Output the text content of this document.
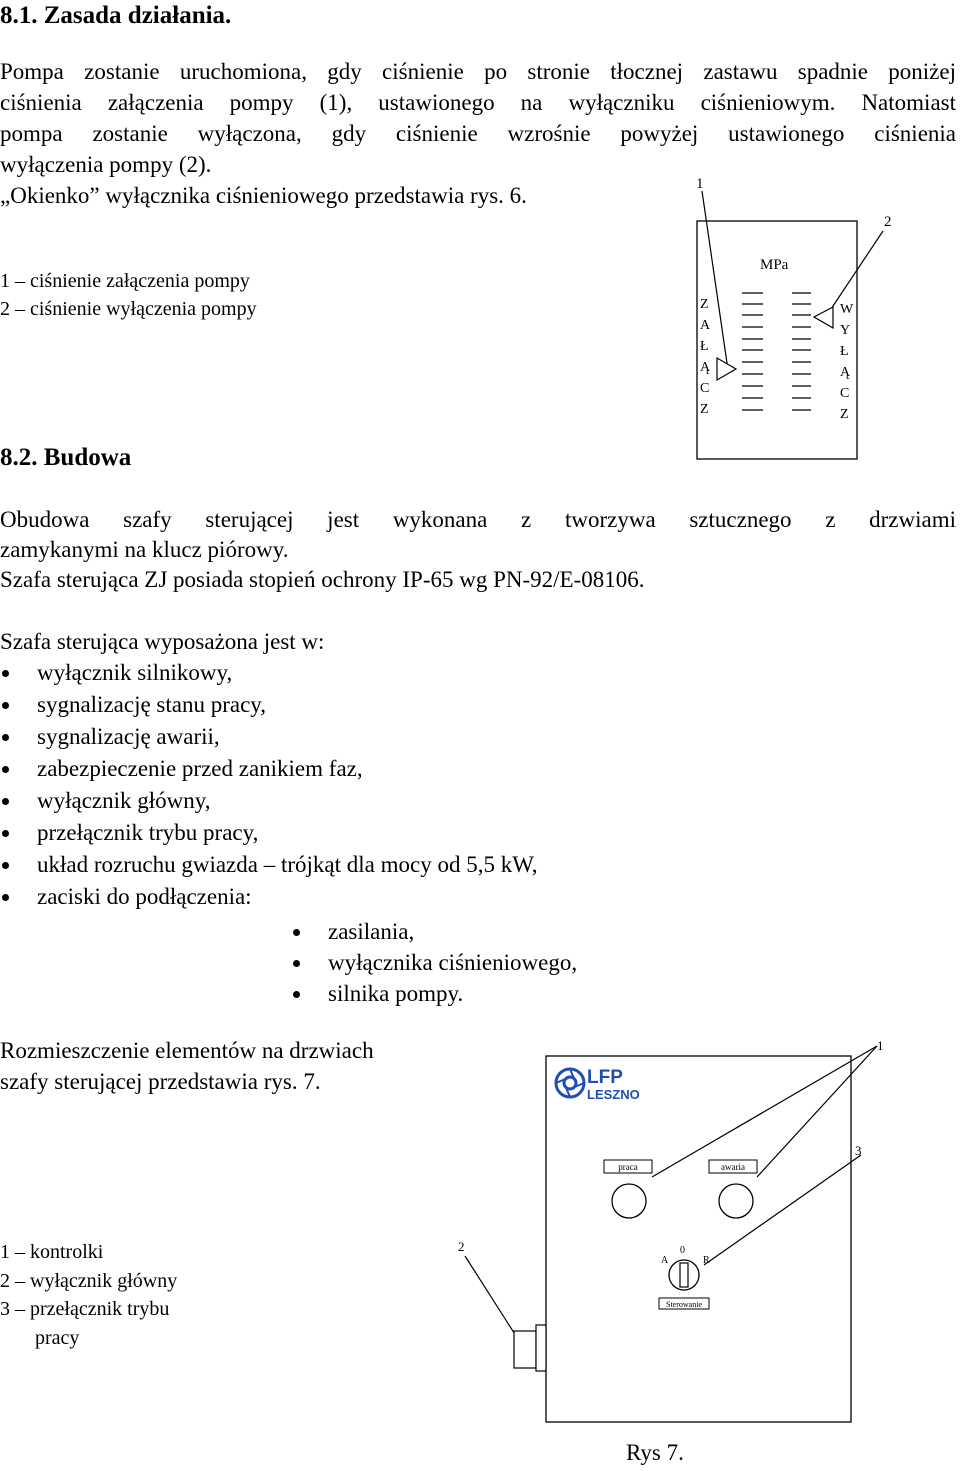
8.1. Zasada działania.
Pompa zostanie uruchomiona, gdy ciśnienie po stronie tłocznej zastawu spadnie poniżej
ciśnienia załączenia pompy (1), ustawionego na wyłączniku ciśnieniowym. Natomiast
pompa zostanie wyłączona, gdy ciśnienie wzrośnie powyżej ustawionego ciśnienia
wyłączenia pompy (2).
„Okienko” wyłącznika ciśnieniowego przedstawia rys. 6.
1 – ciśnienie załączenia pompy
2 – ciśnienie wyłączenia pompy
1
2
MPa
Z
A
Ł
Ą
C
Z
W
Y
Ł
Ą
C
Z
8.2. Budowa
Obudowa szafy sterującej jest wykonana z tworzywa sztucznego z drzwiami
zamykanymi na klucz piórowy.
Szafa sterująca ZJ posiada stopień ochrony IP-65 wg PN-92/E-08106.
Szafa sterująca wyposażona jest w:
wyłącznik silnikowy,
sygnalizację stanu pracy,
sygnalizację awarii,
zabezpieczenie przed zanikiem faz,
wyłącznik główny,
przełącznik trybu pracy,
układ rozruchu gwiazda – trójkąt dla mocy od 5,5 kW,
zaciski do podłączenia:
zasilania,
wyłącznika ciśnieniowego,
silnika pompy.
Rozmieszczenie elementów na drzwiach
szafy sterującej przedstawia rys. 7.
1 – kontrolki
2 – wyłącznik główny
3 – przełącznik trybu
pracy
LFP
LESZNO
praca	awaria
1
A
0
R
Sterowanie
3
2
Rys 7.
